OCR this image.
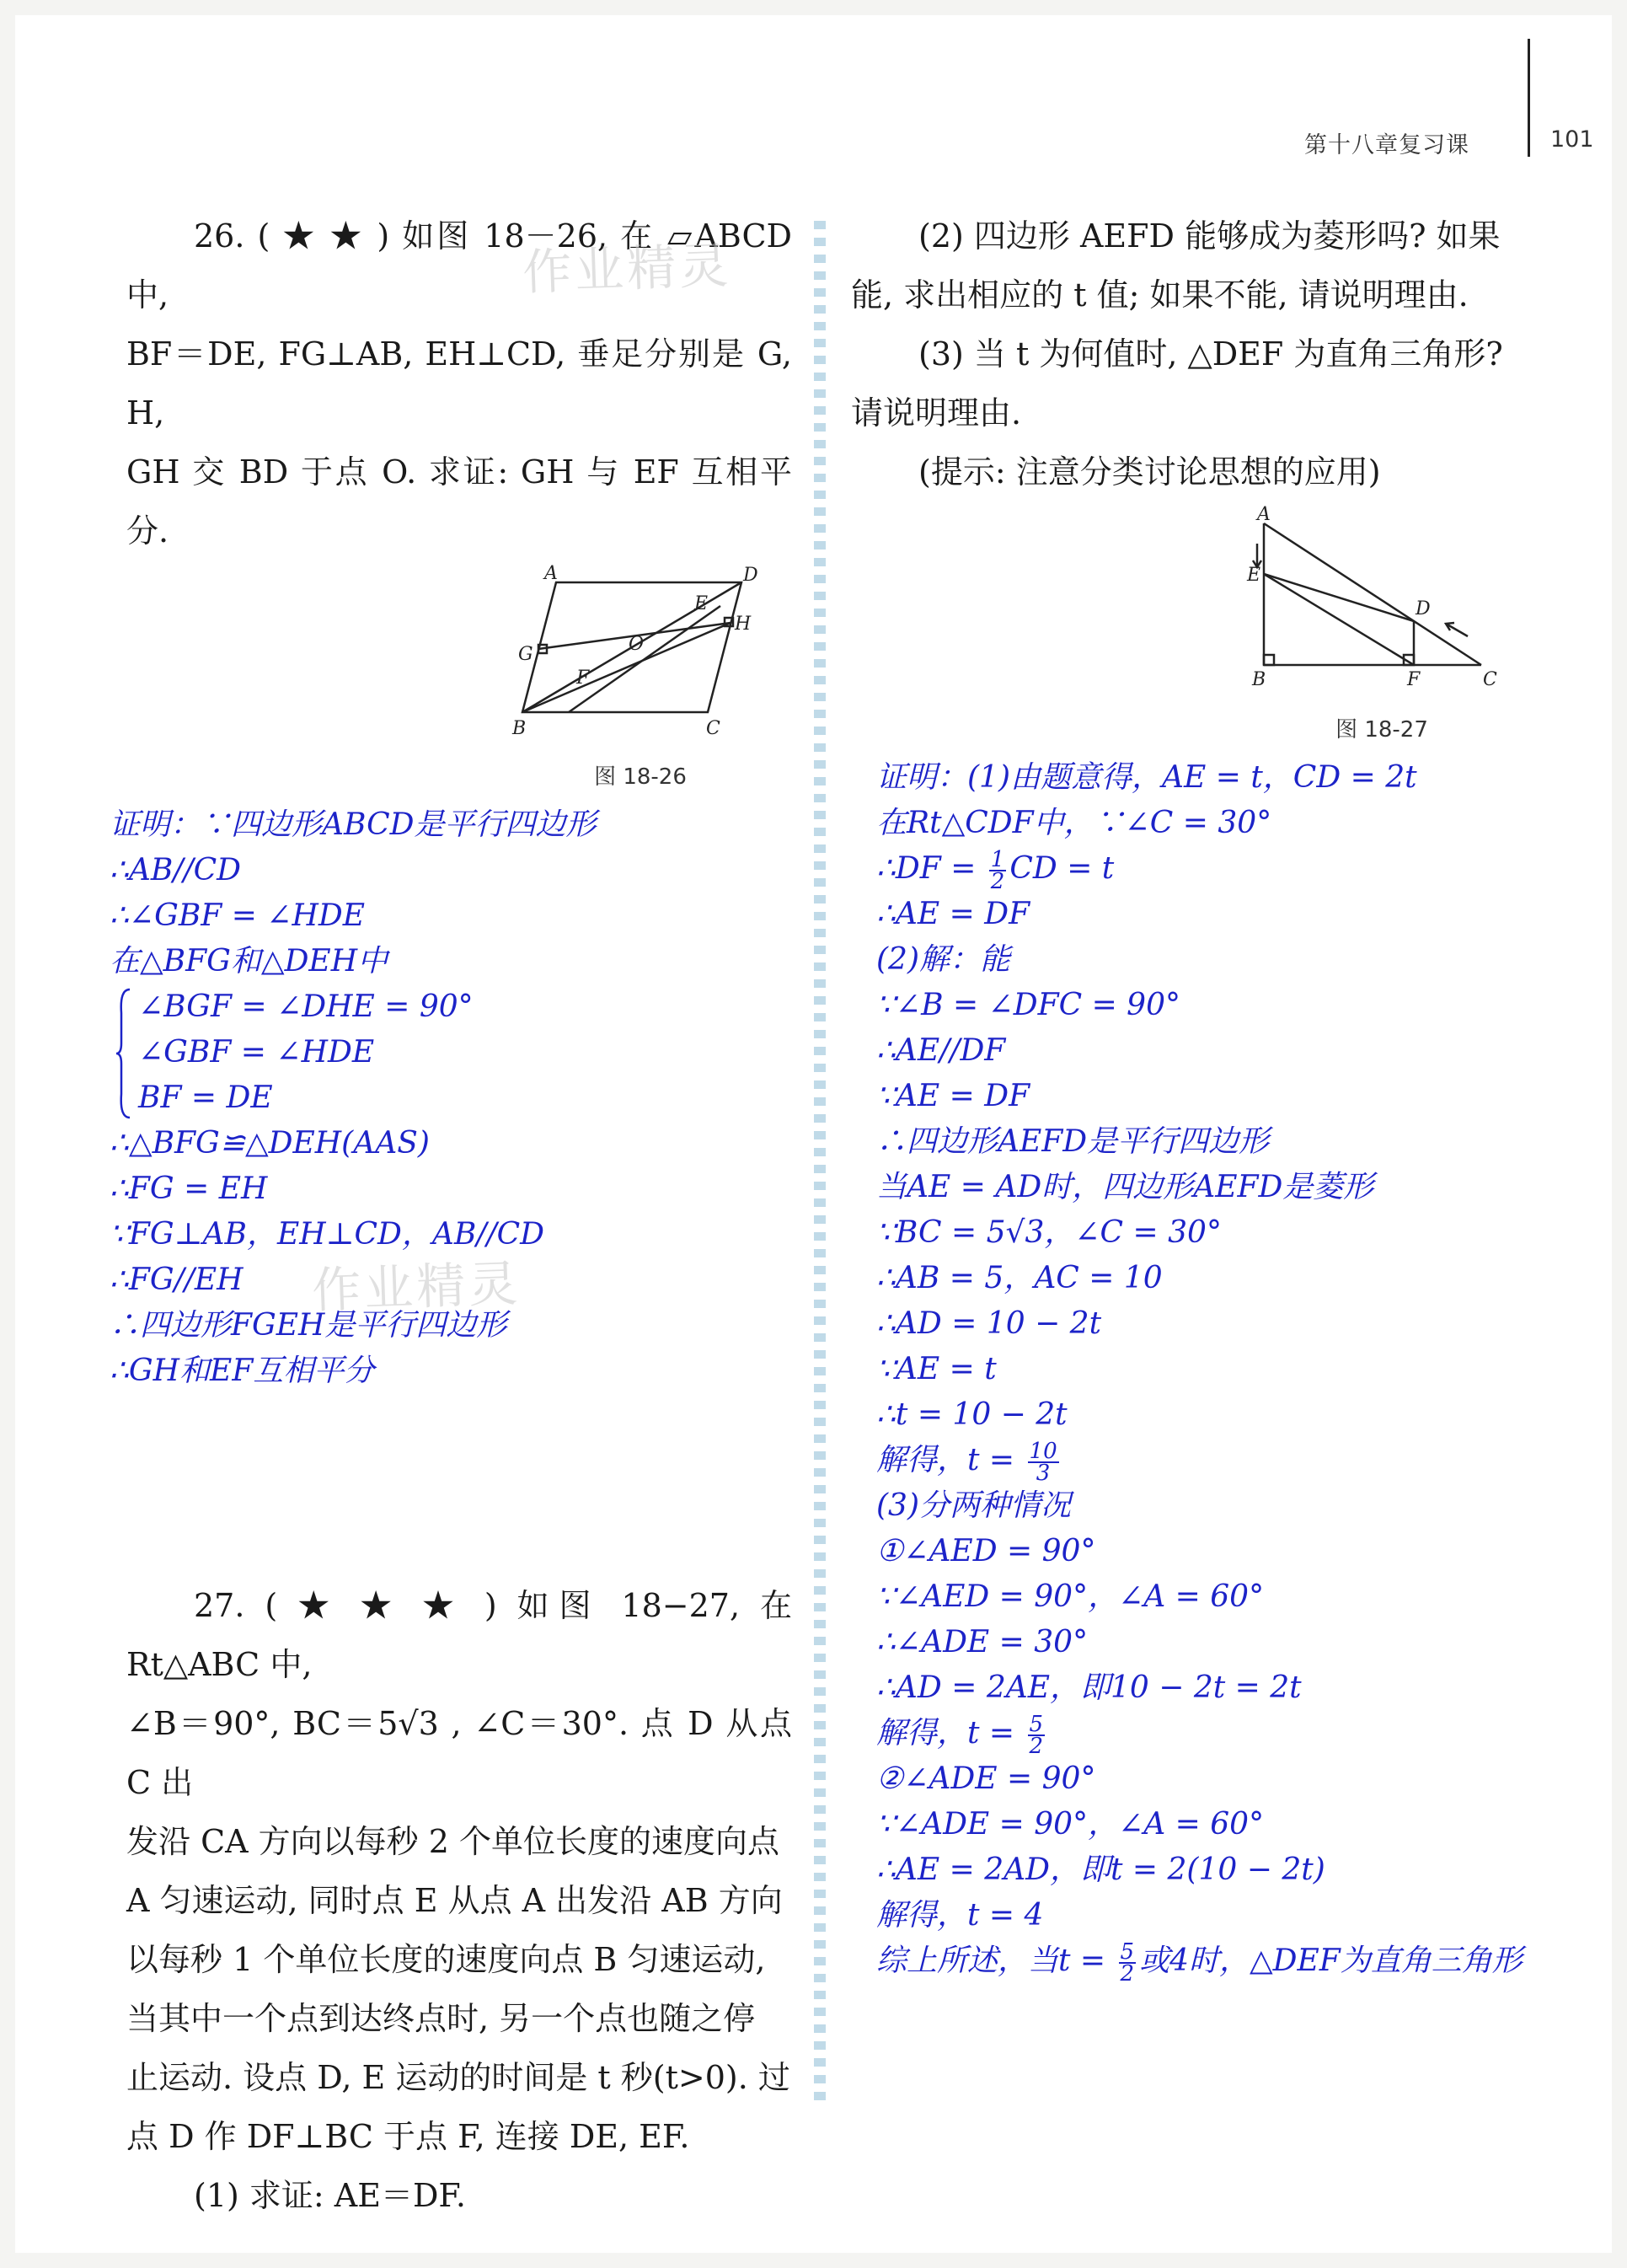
第十八章复习课	101

26. ( ★ ★ ) 如图 18－26, 在 ▱ABCD 中,

BF＝DE, FG⊥AB, EH⊥CD, 垂足分别是 G, H,

GH 交 BD 于点 O. 求证: GH 与 EF 互相平分.

A	D
E
H
O
G
F
B	C
图 18-26

证明：∵四边形ABCD是平行四边形

∴AB//CD

∴∠GBF = ∠HDE

在△BFG和△DEH中

∠BGF = ∠DHE = 90°

∠GBF = ∠HDE

BF = DE

∴△BFG≌△DEH(AAS)

∴FG = EH

∵FG⊥AB，EH⊥CD，AB//CD

∴FG//EH

∴四边形FGEH是平行四边形

∴GH和EF互相平分

27. ( ★ ★ ★ ) 如图 18−27, 在 Rt△ABC 中,

∠B＝90°, BC＝5√3 , ∠C＝30°. 点 D 从点 C 出

发沿 CA 方向以每秒 2 个单位长度的速度向点

A 匀速运动, 同时点 E 从点 A 出发沿 AB 方向

以每秒 1 个单位长度的速度向点 B 匀速运动,

当其中一个点到达终点时, 另一个点也随之停

止运动. 设点 D, E 运动的时间是 t 秒(t>0). 过

点 D 作 DF⊥BC 于点 F, 连接 DE, EF.

(1) 求证: AE＝DF.

作业精灵
作业精灵

(2) 四边形 AEFD 能够成为菱形吗? 如果

能, 求出相应的 t 值; 如果不能, 请说明理由.

(3) 当 t 为何值时, △DEF 为直角三角形?

请说明理由.

(提示: 注意分类讨论思想的应用)

A
E
D
B	F	C
图 18-27

证明：(1)由题意得，AE = t，CD = 2t

在Rt△CDF中，∵∠C = 30°

∴DF = $\frac{1}{2}$ CD = t

∴AE = DF

(2)解：能

∵∠B = ∠DFC = 90°

∴AE//DF

∵AE = DF

∴四边形AEFD是平行四边形

当AE = AD时，四边形AEFD是菱形

∵BC = 5√3，∠C = 30°

∴AB = 5，AC = 10

∴AD = 10 − 2t

∵AE = t

∴t = 10 − 2t

解得，$t = \frac{10}{3}$

(3)分两种情况

①∠AED = 90°

∵∠AED = 90°，∠A = 60°

∴∠ADE = 30°

∴AD = 2AE，即10 − 2t = 2t

解得，$t = \frac{5}{2}$

②∠ADE = 90°

∵∠ADE = 90°，∠A = 60°

∴AE = 2AD，即t = 2(10 − 2t)

解得，t = 4

综上所述，当$t = \frac{5}{2}$ 或4时，△DEF为直角三角形
